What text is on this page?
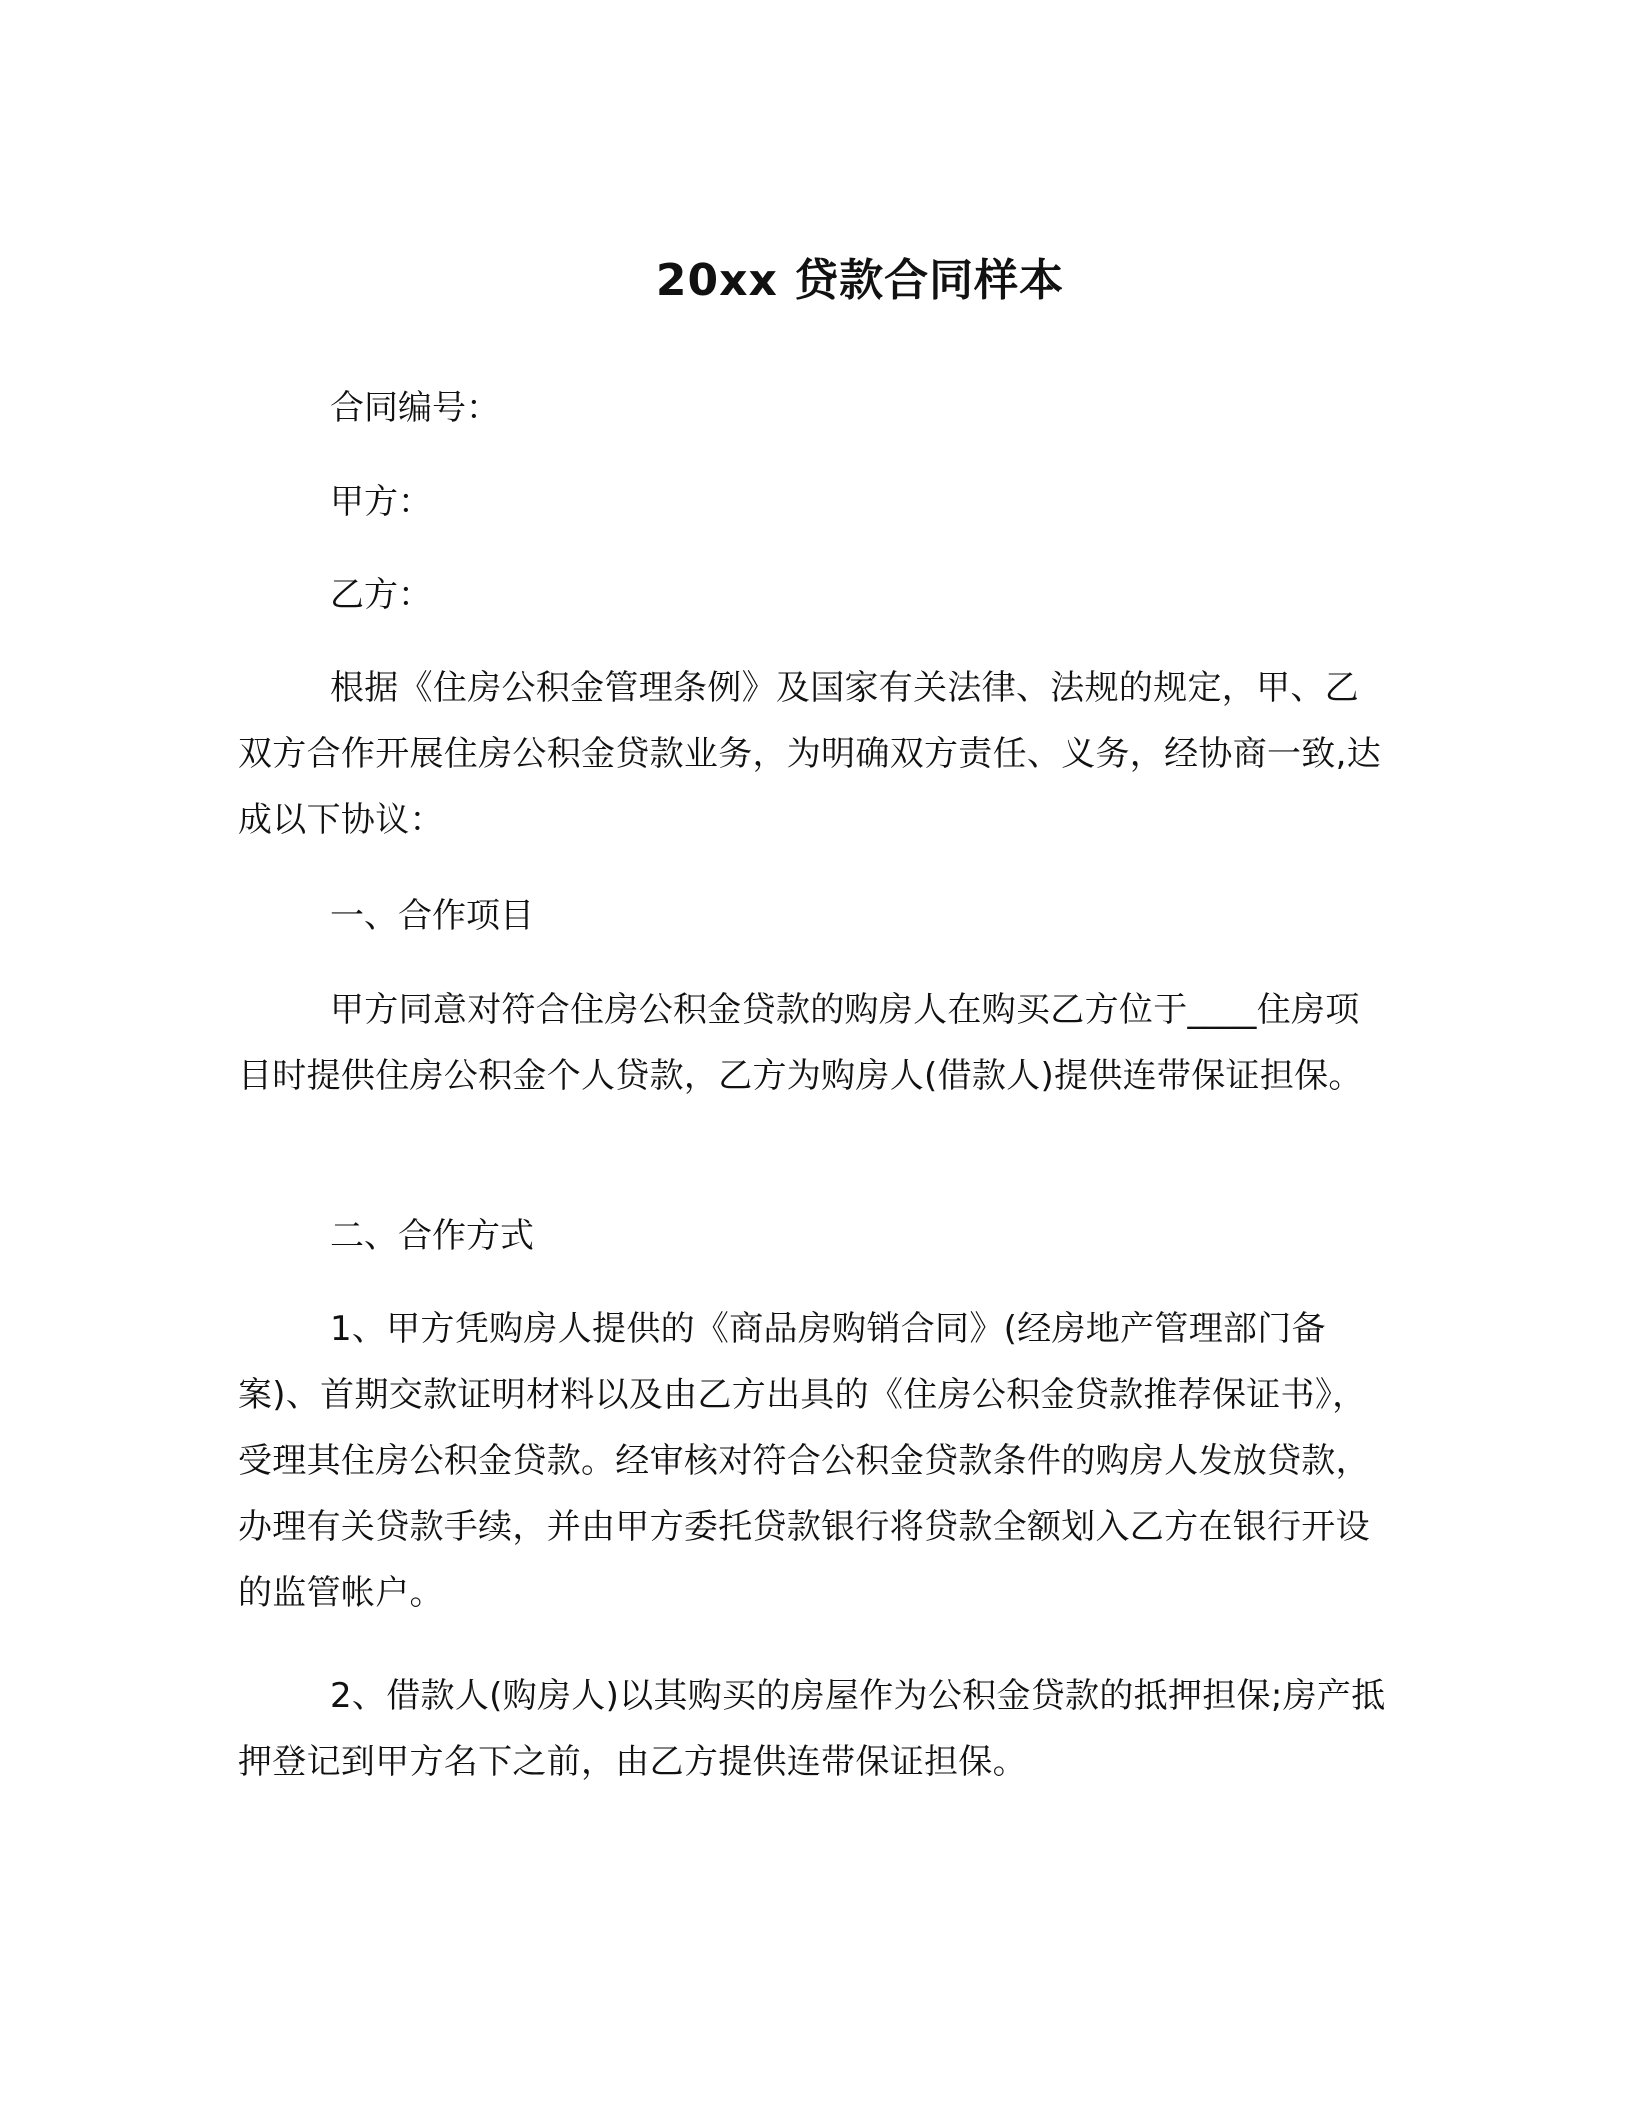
20xx 贷款合同样本

合同编号：

甲方：

乙方：

根据《住房公积金管理条例》及国家有关法律、法规的规定，甲、乙双方合作开展住房公积金贷款业务，为明确双方责任、义务，经协商一致,达成以下协议：

一、合作项目

甲方同意对符合住房公积金贷款的购房人在购买乙方位于____住房项目时提供住房公积金个人贷款，乙方为购房人(借款人)提供连带保证担保。

二、合作方式

1、甲方凭购房人提供的《商品房购销合同》(经房地产管理部门备案)、首期交款证明材料以及由乙方出具的《住房公积金贷款推荐保证书》，受理其住房公积金贷款。经审核对符合公积金贷款条件的购房人发放贷款，办理有关贷款手续，并由甲方委托贷款银行将贷款全额划入乙方在银行开设的监管帐户。

2、借款人(购房人)以其购买的房屋作为公积金贷款的抵押担保;房产抵押登记到甲方名下之前，由乙方提供连带保证担保。
